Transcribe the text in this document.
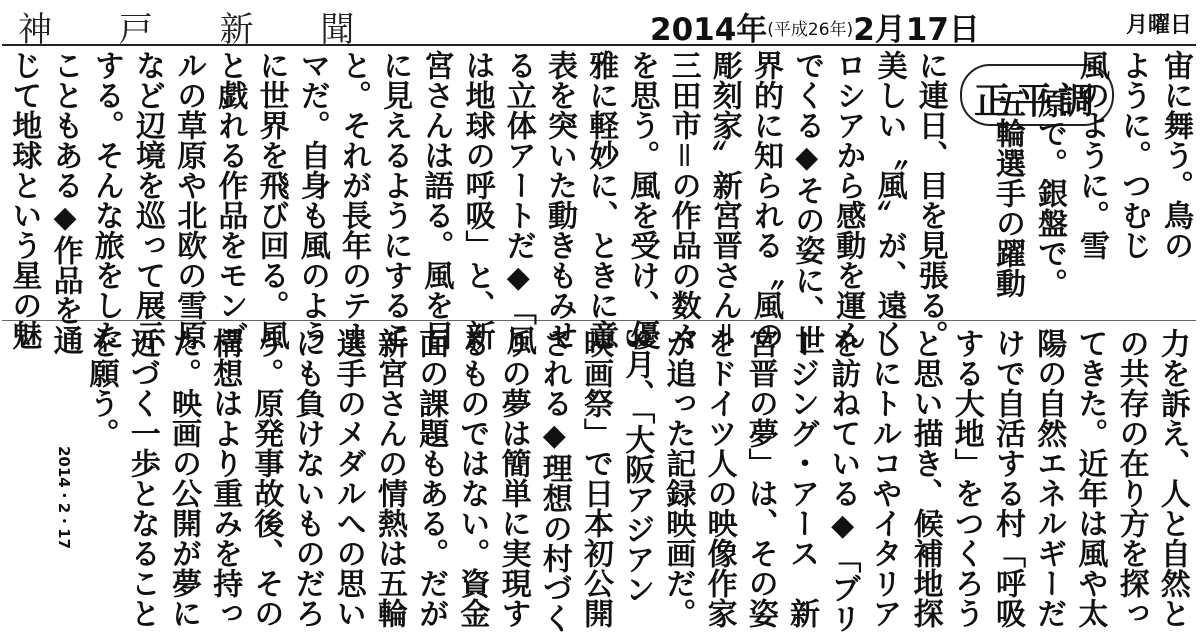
神 戸 新 聞	2014年(平成26年)2月17日	月曜日
正平調	宙に舞う。鳥の
ように。つむじ
風のように。雪
原で。銀盤で。
五輪選手の躍動
に連日、目を見張る。
美しい〝風〟が、遠く
ロシアから感動を運ん
でくる◆その姿に、世
界的に知られる〝風の
彫刻家〟新宮晋さん＝
三田市＝の作品の数々
を思う。風を受け、優
雅に軽妙に、ときに意
表を突いた動きもみせ
る立体アートだ◆「風
は地球の呼吸」と、新
宮さんは語る。風を目
に見えるようにするこ
と。それが長年のテー
マだ。自身も風のよう
に世界を飛び回る。風
と戯れる作品をモンゴ
ルの草原や北欧の雪原
など辺境を巡って展示
する。そんな旅をした
こともある◆作品を通
じて地球という星の魅
力を訴え、人と自然と
の共存の在り方を探っ
てきた。近年は風や太
陽の自然エネルギーだ
けで自活する村「呼吸
する大地」をつくろう
と思い描き、候補地探
しにトルコやイタリア
を訪ねている◆「ブリ
ージング・アース　新
宮晋の夢」は、その姿
をドイツ人の映像作家
が追った記録映画だ。
3月、「大阪アジアン
映画祭」で日本初公開
される◆理想の村づく
りの夢は簡単に実現す
るものではない。資金
面の課題もある。だが
新宮さんの情熱は五輪
選手のメダルへの思い
にも負けないものだろ
う。原発事故後、その
構想はより重みを持っ
た。映画の公開が夢に
近づく一歩となること
を願う。
2014・2・17
